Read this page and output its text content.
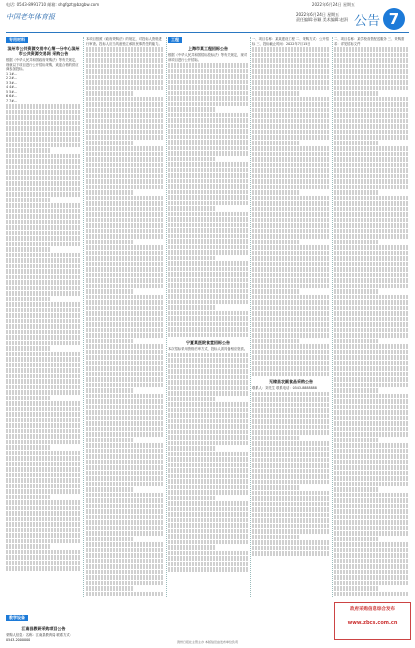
电话: 0543-8991710 邮箱: shgfgzt@bzgbw.com	2022年6月24日 星期五
中国老年体育报	2022年6月24日 星期五
责任编辑:孙颖 美术编辑:赵涓 公告 7
专用材料
滨州市公共资源交易中心第一分中心滨州市公共资源交易网 采购公告

根据《中华人民共和国政府采购法》等有关规定，现就以下项目进行公开招标采购，欢迎合格的供应商参加投标。

1 1#...

2 2#...

3 3#...

4 4#...

5 5#...

6 6#...

7 7#...

教学设备
江南县教研采购项目公告

采购人信息：名称：江南县教育局 联系方式：0543-2000000

本项目按照《政府采购法》的规定，对投标人资格进行审查。投标人应当具备独立承担民事责任的能力。

工程
上海市某工程招标公告

根据《中华人民共和国招标投标法》等有关规定，现对该项目进行公开招标。

宁夏某医院食堂招标公告

本次招标采用资格后审方式，投标人须具备相应资质。

一、项目名称：某某建设工程 二、采购方式：公开招标 三、投标截止时间：2022年7月15日

无棣县农副食品采购公告

联系人：刘先生 联系电话：0543-8888888

二、项目名称：某学校食堂配送服务 三、采购需求：详见招标文件

政府采购信息综合发布
www.zbcs.com.cn
滨州日报社主管主办 本版信息由发布单位负责
